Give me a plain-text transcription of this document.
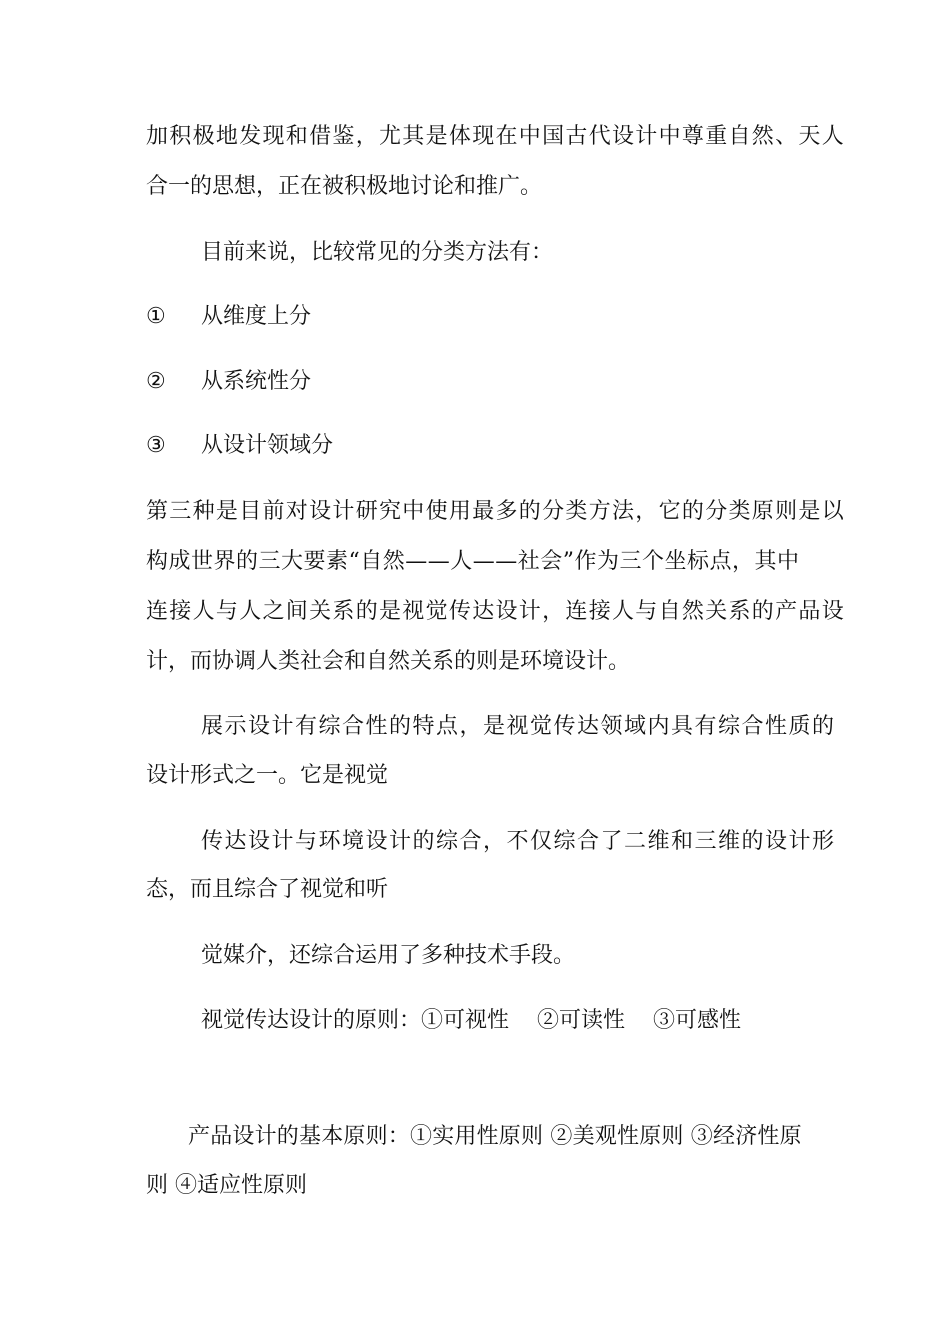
加积极地发现和借鉴，尤其是体现在中国古代设计中尊重自然、天人
合一的思想，正在被积极地讨论和推广。
目前来说，比较常见的分类方法有：
① 从维度上分
② 从系统性分
③ 从设计领域分
第三种是目前对设计研究中使用最多的分类方法，它的分类原则是以
构成世界的三大要素“自然——人——社会”作为三个坐标点，其中
连接人与人之间关系的是视觉传达设计，连接人与自然关系的产品设
计，而协调人类社会和自然关系的则是环境设计。
展示设计有综合性的特点，是视觉传达领域内具有综合性质的
设计形式之一。它是视觉
传达设计与环境设计的综合，不仅综合了二维和三维的设计形
态，而且综合了视觉和听
觉媒介，还综合运用了多种技术手段。
视觉传达设计的原则：①可视性 ②可读性 ③可感性
产品设计的基本原则：①实用性原则 ②美观性原则 ③经济性原
则 ④适应性原则
